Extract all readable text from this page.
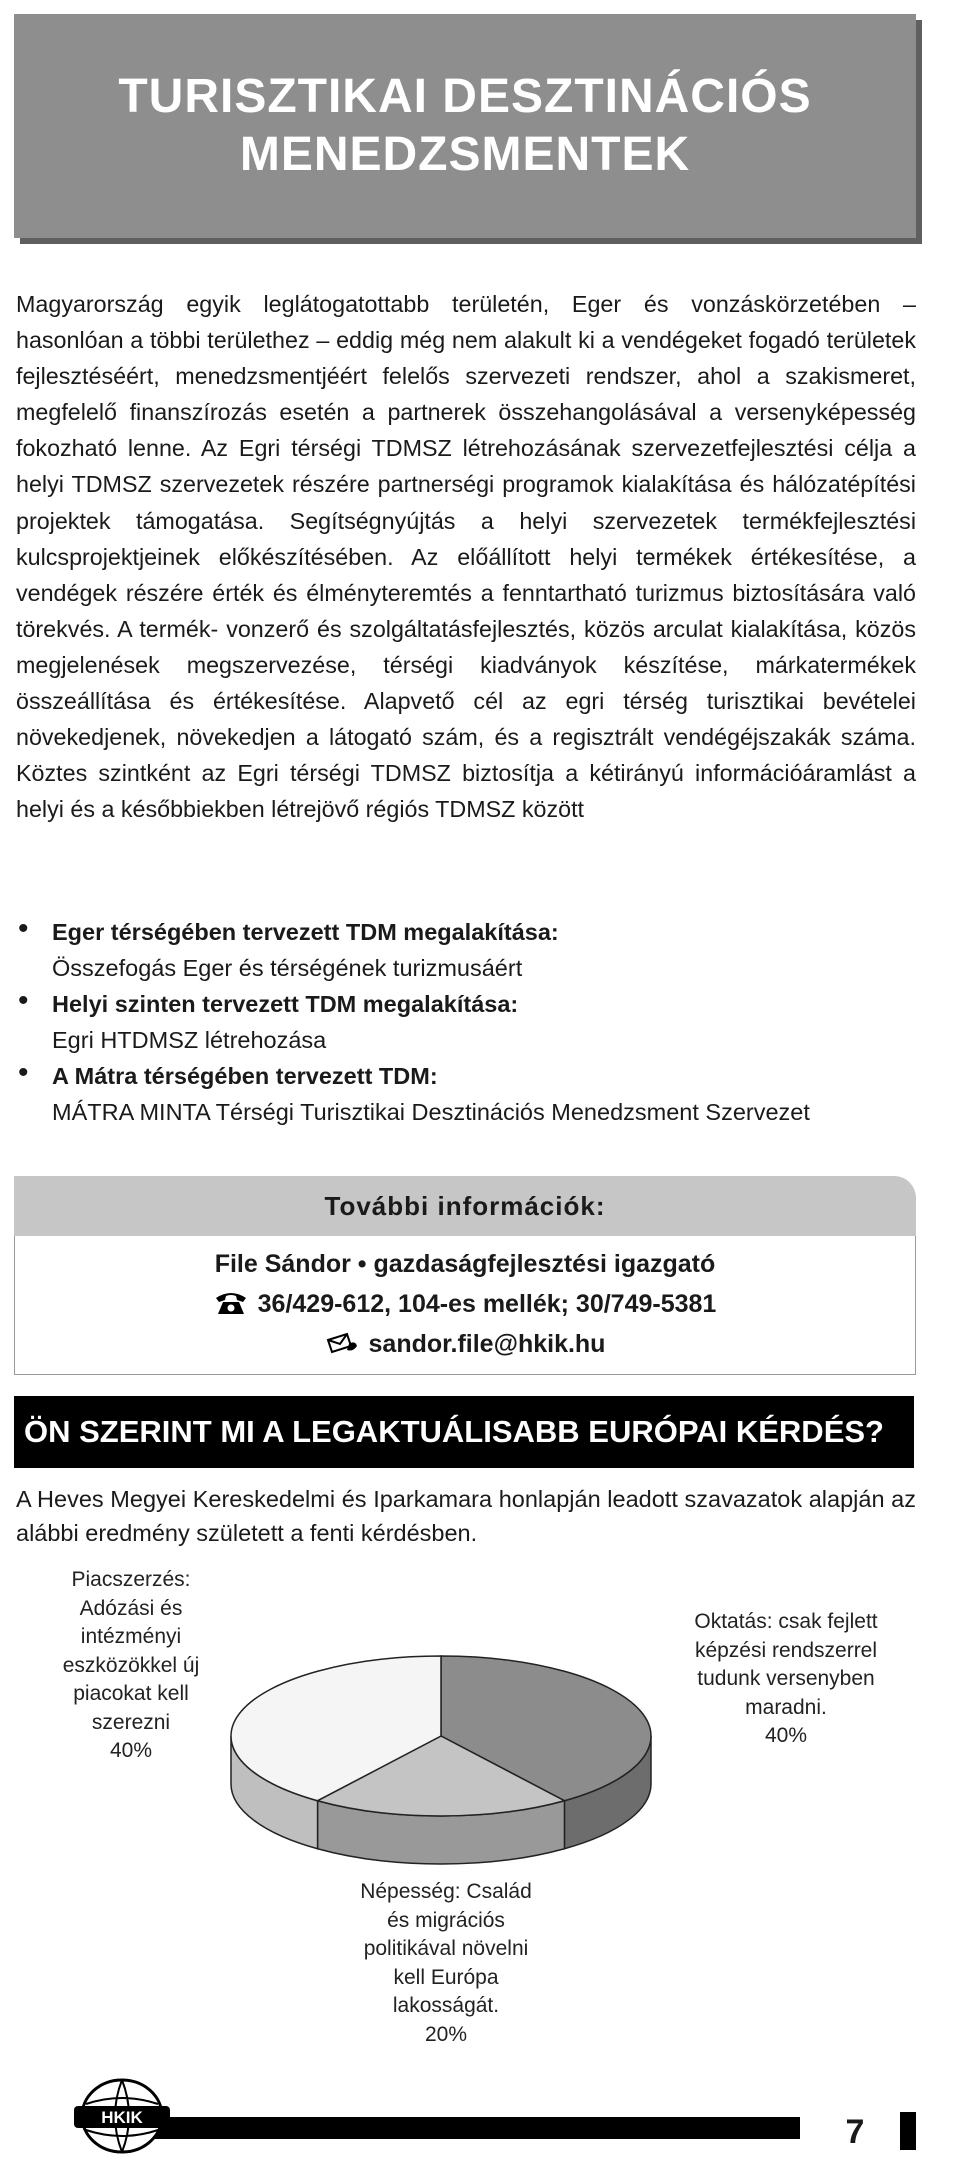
TURISZTIKAI DESZTINÁCIÓS
MENEDZSMENTEK

Magyarország egyik leglátogatottabb területén, Eger és vonzáskörzetében – hasonlóan a többi területhez – eddig még nem alakult ki a vendégeket fogadó területek fejlesztéséért, menedzsmentjéért felelős szervezeti rendszer, ahol a szakismeret, megfelelő finanszírozás esetén a partnerek összehangolásával a versenyképesség fokozható lenne. Az Egri térségi TDMSZ létrehozásának szervezetfejlesztési célja a helyi TDMSZ szervezetek részére partnerségi programok kialakítása és hálózatépítési projektek támogatása. Segítségnyújtás a helyi szervezetek termékfejlesztési kulcsprojektjeinek előkészítésében. Az előállított helyi termékek értékesítése, a vendégek részére érték és élményteremtés a fenntartható turizmus biztosítására való törekvés. A termék- vonzerő és szolgáltatásfejlesztés, közös arculat kialakítása, közös megjelenések megszervezése, térségi kiadványok készítése, márkatermékek összeállítása és értékesítése. Alapvető cél az egri térség turisztikai bevételei növekedjenek, növekedjen a látogató szám, és a regisztrált vendégéjszakák száma. Köztes szintként az Egri térségi TDMSZ biztosítja a kétirányú információáramlást a helyi és a későbbiekben létrejövő régiós TDMSZ között

• Eger térségében tervezett TDM megalakítása:
Összefogás Eger és térségének turizmusáért
• Helyi szinten tervezett TDM megalakítása:
Egri HTDMSZ létrehozása
• A Mátra térségében tervezett TDM:
MÁTRA MINTA Térségi Turisztikai Desztinációs Menedzsment Szervezet
További információk:
File Sándor • gazdaságfejlesztési igazgató
36/429-612, 104-es mellék; 30/749-5381
sandor.file@hkik.hu
ÖN SZERINT MI A LEGAKTUÁLISABB EURÓPAI KÉRDÉS?

A Heves Megyei Kereskedelmi és Iparkamara honlapján leadott szavazatok alapján az alábbi eredmény született a fenti kérdésben.

Piacszerzés:
Adózási és
intézményi
eszközökkel új
piacokat kell
szerezni
40%
Oktatás: csak fejlett
képzési rendszerrel
tudunk versenyben
maradni.
40%
Népesség: Család
és migrációs
politikával növelni
kell Európa
lakosságát.
20%
7
HKIK
